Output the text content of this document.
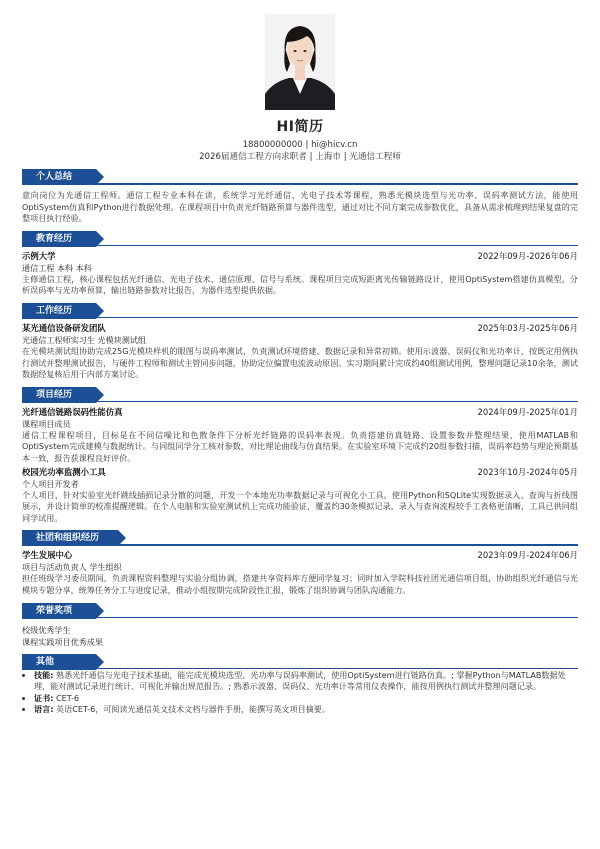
HI简历
18800000000 | hi@hicv.cn
2026届通信工程方向求职者 | 上海市 | 光通信工程师
个人总结
意向岗位为光通信工程师。通信工程专业本科在读，系统学习光纤通信、光电子技术等课程，熟悉光模块选型与光功率、误码率测试方法，能使用OptiSystem仿真和Python进行数据处理。在课程项目中负责光纤链路预算与器件选型，通过对比不同方案完成参数优化，具备从需求梳理到结果复盘的完整项目执行经验。
教育经历
示例大学	2022年09月-2026年06月
通信工程 本科 本科
主修通信工程，核心课程包括光纤通信、光电子技术、通信原理、信号与系统。课程项目完成短距离光传输链路设计，使用OptiSystem搭建仿真模型，分析误码率与光功率预算，输出链路参数对比报告，为器件选型提供依据。
工作经历
某光通信设备研发团队	2025年03月-2025年06月
光通信工程师实习生 光模块测试组
在光模块测试组协助完成25G光模块样机的眼图与误码率测试，负责测试环境搭建、数据记录和异常初筛。使用示波器、误码仪和光功率计，按既定用例执行测试并整理测试报告，与硬件工程师和测试主管同步问题，协助定位偏置电流波动原因。实习期间累计完成约40组测试用例，整理问题记录10余条，测试数据经复核后用于内部方案讨论。
项目经历
光纤通信链路误码性能仿真	2024年09月-2025年01月
课程项目成员
通信工程课程项目，目标是在不同信噪比和色散条件下分析光纤链路的误码率表现。负责搭建仿真链路、设置参数并整理结果，使用MATLAB和OptiSystem完成建模与数据统计。与同组同学分工核对参数，对比理论曲线与仿真结果。在实验室环境下完成约20组参数扫描，误码率趋势与理论预期基本一致，报告获课程良好评价。
校园光功率监测小工具	2023年10月-2024年05月
个人项目开发者
个人项目，针对实验室光纤跳线插损记录分散的问题，开发一个本地光功率数据记录与可视化小工具。使用Python和SQLite实现数据录入、查询与折线图展示，并设计简单的校准提醒逻辑。在个人电脑和实验室测试机上完成功能验证，覆盖约30条模拟记录，录入与查询流程较手工表格更清晰，工具已供同组同学试用。
社团和组织经历
学生发展中心	2023年09月-2024年06月
项目与活动负责人 学生组织
担任班级学习委员期间，负责课程资料整理与实验分组协调，搭建共享资料库方便同学复习；同时加入学院科技社团光通信项目组，协助组织光纤通信与光模块专题分享，统筹任务分工与进度记录，推动小组按期完成阶段性汇报，锻炼了组织协调与团队沟通能力。
荣誉奖项
校级优秀学生
课程实践项目优秀成果
其他
• 技能: 熟悉光纤通信与光电子技术基础，能完成光模块选型、光功率与误码率测试，使用OptiSystem进行链路仿真。; 掌握Python与MATLAB数据处理，能对测试记录进行统计、可视化并输出规范报告。; 熟悉示波器、误码仪、光功率计等常用仪表操作，能按用例执行测试并整理问题记录。
• 证书: CET-6
• 语言: 英语CET-6，可阅读光通信英文技术文档与器件手册，能撰写英文项目摘要。
